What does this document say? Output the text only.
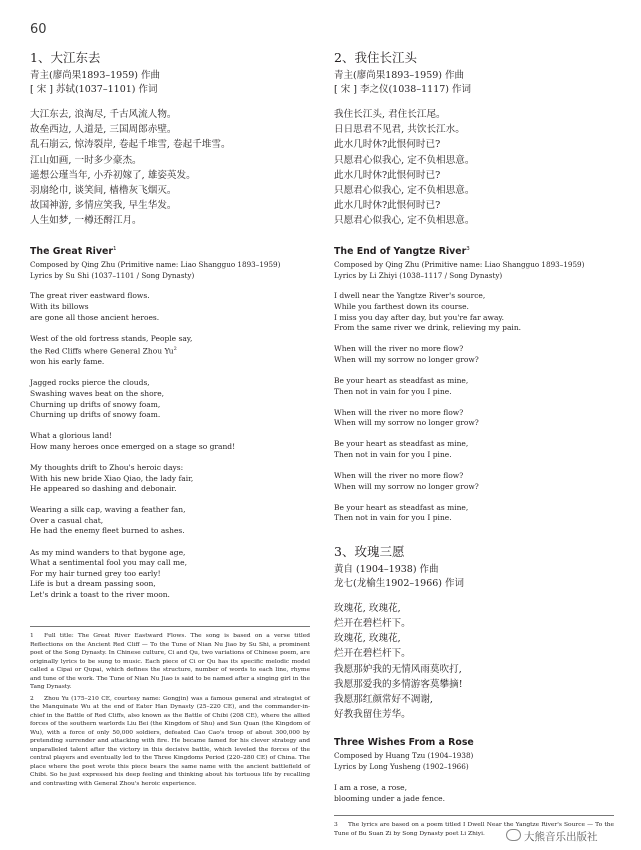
60
1、大江东去

青主(廖尚果1893–1959) 作曲

[ 宋 ] 苏轼(1037–1101) 作词

大江东去, 浪淘尽, 千古风流人物。
故垒西边, 人道是, 三国周郎赤壁。
乱石崩云, 惊涛裂岸, 卷起千堆雪, 卷起千堆雪。
江山如画, 一时多少豪杰。
遥想公瑾当年, 小乔初嫁了, 雄姿英发。
羽扇纶巾, 谈笑间, 樯橹灰飞烟灭。
故国神游, 多情应笑我, 早生华发。
人生如梦, 一樽还酹江月。
The Great River$^1$
Composed by Qing Zhu (Primitive name: Liao Shangguo 1893–1959)
Lyrics by Su Shi (1037–1101 / Song Dynasty)
The great river eastward flows.
With its billows
are gone all those ancient heroes.
West of the old fortress stands, People say,
the Red Cliffs where General Zhou Yu$^2$
won his early fame.
Jagged rocks pierce the clouds,
Swashing waves beat on the shore,
Churning up drifts of snowy foam,
Churning up drifts of snowy foam.
What a glorious land!
How many heroes once emerged on a stage so grand!
My thoughts drift to Zhou's heroic days:
With his new bride Xiao Qiao, the lady fair,
He appeared so dashing and debonair.
Wearing a silk cap, waving a feather fan,
Over a casual chat,
He had the enemy fleet burned to ashes.
As my mind wanders to that bygone age,
What a sentimental fool you may call me,
For my hair turned grey too early!
Life is but a dream passing soon,
Let's drink a toast to the river moon.
1 Full title: The Great River Eastward Flows. The song is based on a verse titled Reflections on the Ancient Red Cliff — To the Tune of Nian Nu Jiao by Su Shi, a prominent poet of the Song Dynasty. In Chinese culture, Ci and Qu, two variations of Chinese poem, are originally lyrics to be sung to music. Each piece of Ci or Qu has its specific melodic model called a Cipai or Qupai, which defines the structure, number of words to each line, rhyme and tune of the work. The Tune of Nian Nu Jiao is said to be named after a singing girl in the Tang Dynasty.
2 Zhou Yu (175–210 CE, courtesy name: Gongjin) was a famous general and strategist of the Manquinate Wu at the end of Eater Han Dynasty (25–220 CE), and the commander-in-chief in the Battle of Red Cliffs, also known as the Battle of Chibi (208 CE), where the allied forces of the southern warlords Liu Bei (the Kingdom of Shu) and Sun Quan (the Kingdom of Wu), with a force of only 50,000 soldiers, defeated Cao Cao's troop of about 300,000 by pretending surrender and attacking with fire. He became famed for his clever strategy and unparalleled talent after the victory in this decisive battle, which leveled the forces of the central players and eventually led to the Three Kingdoms Period (220–280 CE) of China. The place where the poet wrote this piece bears the same name with the ancient battlefield of Chibi. So he just expressed his deep feeling and thinking about his tortuous life by recalling and contrasting with General Zhou's heroic experience.
2、我住长江头

青主(廖尚果1893–1959) 作曲

[ 宋 ] 李之仪(1038–1117) 作词

我住长江头, 君住长江尾。
日日思君不见君, 共饮长江水。
此水几时休?此恨何时已?
只愿君心似我心, 定不负相思意。
此水几时休?此恨何时已?
只愿君心似我心, 定不负相思意。
此水几时休?此恨何时已?
只愿君心似我心, 定不负相思意。
The End of Yangtze River$^3$
Composed by Qing Zhu (Primitive name: Liao Shangguo 1893–1959)
Lyrics by Li Zhiyi (1038–1117 / Song Dynasty)
I dwell near the Yangtze River's source,
While you farthest down its course.
I miss you day after day, but you're far away.
From the same river we drink, relieving my pain.
When will the river no more flow?
When will my sorrow no longer grow?
Be your heart as steadfast as mine,
Then not in vain for you I pine.
When will the river no more flow?
When will my sorrow no longer grow?
Be your heart as steadfast as mine,
Then not in vain for you I pine.
When will the river no more flow?
When will my sorrow no longer grow?
Be your heart as steadfast as mine,
Then not in vain for you I pine.
3、玫瑰三愿

黄自 (1904–1938) 作曲

龙七(龙榆生1902–1966) 作词

玫瑰花, 玫瑰花,
烂开在碧栏杆下。
玫瑰花, 玫瑰花,
烂开在碧栏杆下。
我愿那妒我的无情风雨莫吹打,
我愿那爱我的多情游客莫攀摘!
我愿那红颜常好不凋谢,
好教我留住芳华。
Three Wishes From a Rose
Composed by Huang Tzu (1904–1938)
Lyrics by Long Yusheng (1902–1966)
I am a rose, a rose,
blooming under a jade fence.
3 The lyrics are based on a poem titled I Dwell Near the Yangtze River's Source — To the Tune of Bu Suan Zi by Song Dynasty poet Li Zhiyi.	大熊音乐出版社
